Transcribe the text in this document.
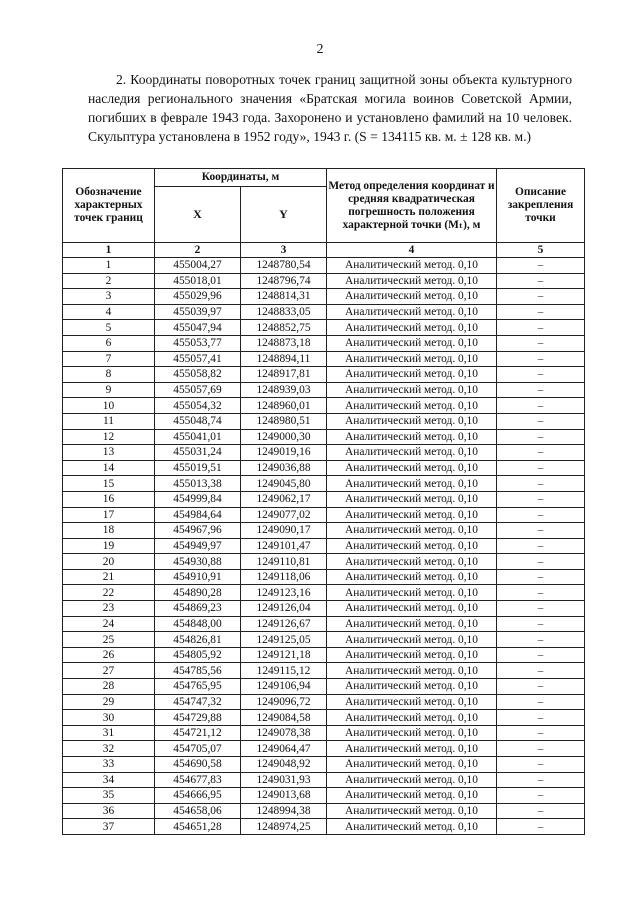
2
2. Координаты поворотных точек границ защитной зоны объекта культурного наследия регионального значения «Братская могила воинов Советской Армии, погибших в феврале 1943 года. Захоронено и установлено фамилий на 10 человек. Скульптура установлена в 1952 году», 1943 г. (S = 134115 кв. м. ± 128 кв. м.)
Обозначение характерных точек границ	Координаты, м		Метод определения координат и средняя квадратическая погрешность положения характерной точки (Мₜ), м	Описание закрепления точки
	X	Y		
1	2	3	4	5
1	455004,27	1248780,54	Аналитический метод. 0,10	–
2	455018,01	1248796,74	Аналитический метод. 0,10	–
3	455029,96	1248814,31	Аналитический метод. 0,10	–
4	455039,97	1248833,05	Аналитический метод. 0,10	–
5	455047,94	1248852,75	Аналитический метод. 0,10	–
6	455053,77	1248873,18	Аналитический метод. 0,10	–
7	455057,41	1248894,11	Аналитический метод. 0,10	–
8	455058,82	1248917,81	Аналитический метод. 0,10	–
9	455057,69	1248939,03	Аналитический метод. 0,10	–
10	455054,32	1248960,01	Аналитический метод. 0,10	–
11	455048,74	1248980,51	Аналитический метод. 0,10	–
12	455041,01	1249000,30	Аналитический метод. 0,10	–
13	455031,24	1249019,16	Аналитический метод. 0,10	–
14	455019,51	1249036,88	Аналитический метод. 0,10	–
15	455013,38	1249045,80	Аналитический метод. 0,10	–
16	454999,84	1249062,17	Аналитический метод. 0,10	–
17	454984,64	1249077,02	Аналитический метод. 0,10	–
18	454967,96	1249090,17	Аналитический метод. 0,10	–
19	454949,97	1249101,47	Аналитический метод. 0,10	–
20	454930,88	1249110,81	Аналитический метод. 0,10	–
21	454910,91	1249118,06	Аналитический метод. 0,10	–
22	454890,28	1249123,16	Аналитический метод. 0,10	–
23	454869,23	1249126,04	Аналитический метод. 0,10	–
24	454848,00	1249126,67	Аналитический метод. 0,10	–
25	454826,81	1249125,05	Аналитический метод. 0,10	–
26	454805,92	1249121,18	Аналитический метод. 0,10	–
27	454785,56	1249115,12	Аналитический метод. 0,10	–
28	454765,95	1249106,94	Аналитический метод. 0,10	–
29	454747,32	1249096,72	Аналитический метод. 0,10	–
30	454729,88	1249084,58	Аналитический метод. 0,10	–
31	454721,12	1249078,38	Аналитический метод. 0,10	–
32	454705,07	1249064,47	Аналитический метод. 0,10	–
33	454690,58	1249048,92	Аналитический метод. 0,10	–
34	454677,83	1249031,93	Аналитический метод. 0,10	–
35	454666,95	1249013,68	Аналитический метод. 0,10	–
36	454658,06	1248994,38	Аналитический метод. 0,10	–
37	454651,28	1248974,25	Аналитический метод. 0,10	–
